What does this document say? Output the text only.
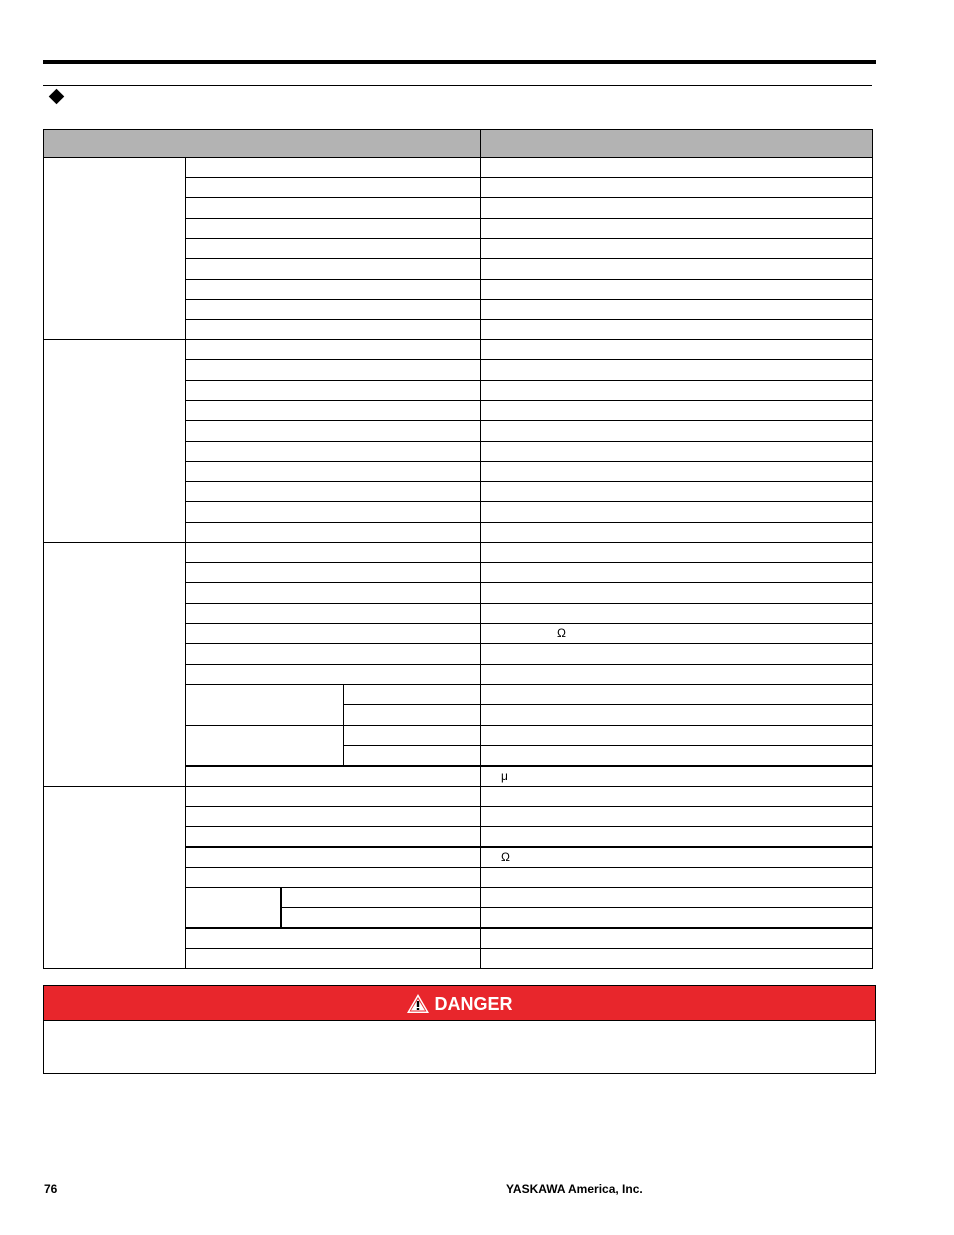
Ω
μ
Ω
DANGER
76	YASKAWA America, Inc.
